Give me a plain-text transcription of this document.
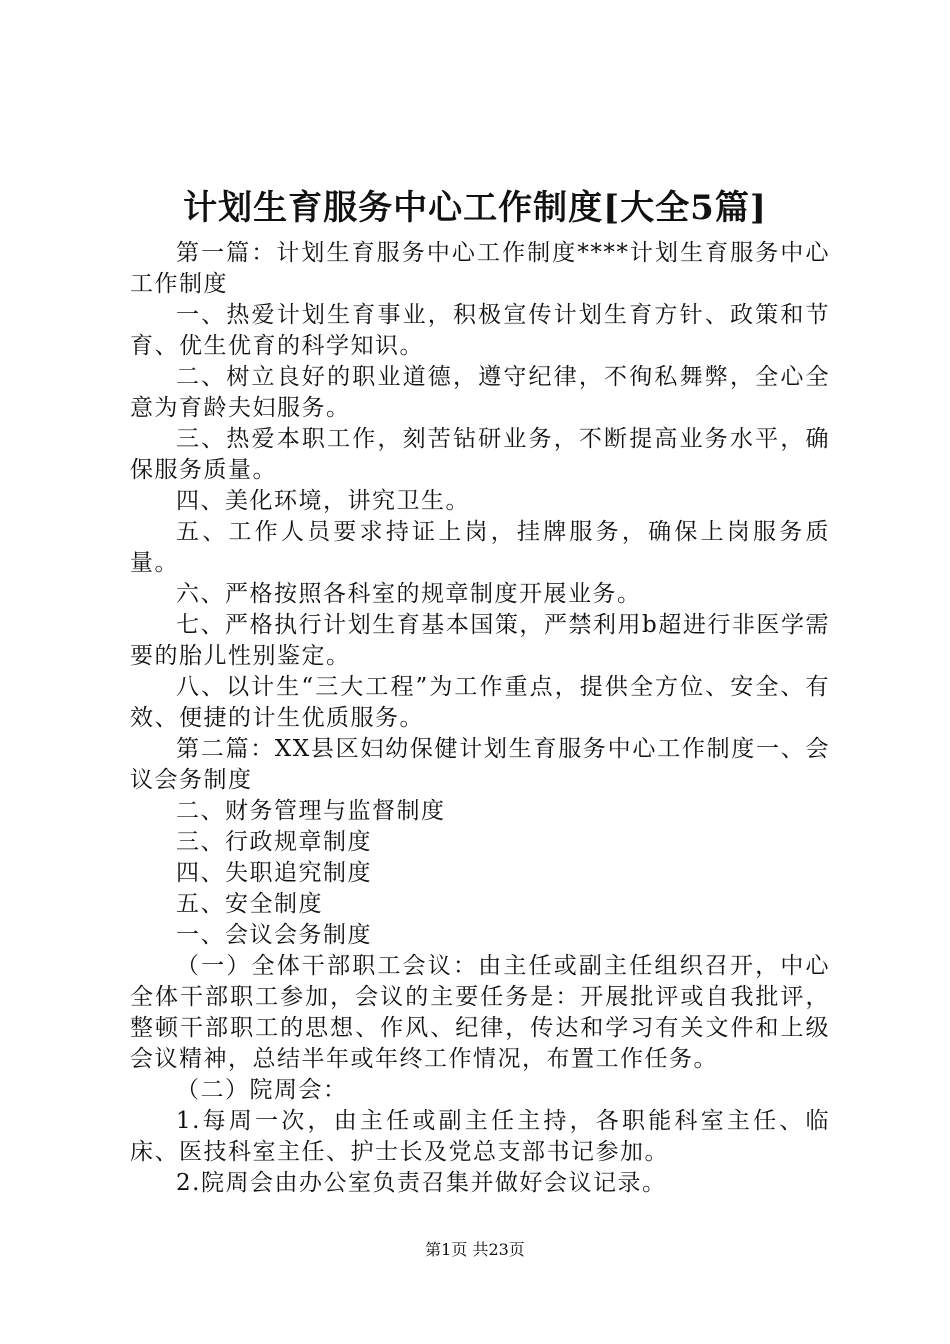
计划生育服务中心工作制度[大全5篇]

第一篇：计划生育服务中心工作制度****计划生育服务中心工作制度

一、热爱计划生育事业，积极宣传计划生育方针、政策和节育、优生优育的科学知识。

二、树立良好的职业道德，遵守纪律，不徇私舞弊，全心全意为育龄夫妇服务。

三、热爱本职工作，刻苦钻研业务，不断提高业务水平，确保服务质量。

四、美化环境，讲究卫生。

五、工作人员要求持证上岗，挂牌服务，确保上岗服务质量。

六、严格按照各科室的规章制度开展业务。

七、严格执行计划生育基本国策，严禁利用b超进行非医学需要的胎儿性别鉴定。

八、以计生“三大工程”为工作重点，提供全方位、安全、有效、便捷的计生优质服务。

第二篇：XX县区妇幼保健计划生育服务中心工作制度一、会议会务制度

二、财务管理与监督制度

三、行政规章制度

四、失职追究制度

五、安全制度

一、会议会务制度

（一）全体干部职工会议：由主任或副主任组织召开，中心全体干部职工参加，会议的主要任务是：开展批评或自我批评，整顿干部职工的思想、作风、纪律，传达和学习有关文件和上级会议精神，总结半年或年终工作情况，布置工作任务。

（二）院周会：

1.每周一次，由主任或副主任主持，各职能科室主任、临床、医技科室主任、护士长及党总支部书记参加。

2.院周会由办公室负责召集并做好会议记录。

第1页 共23页
